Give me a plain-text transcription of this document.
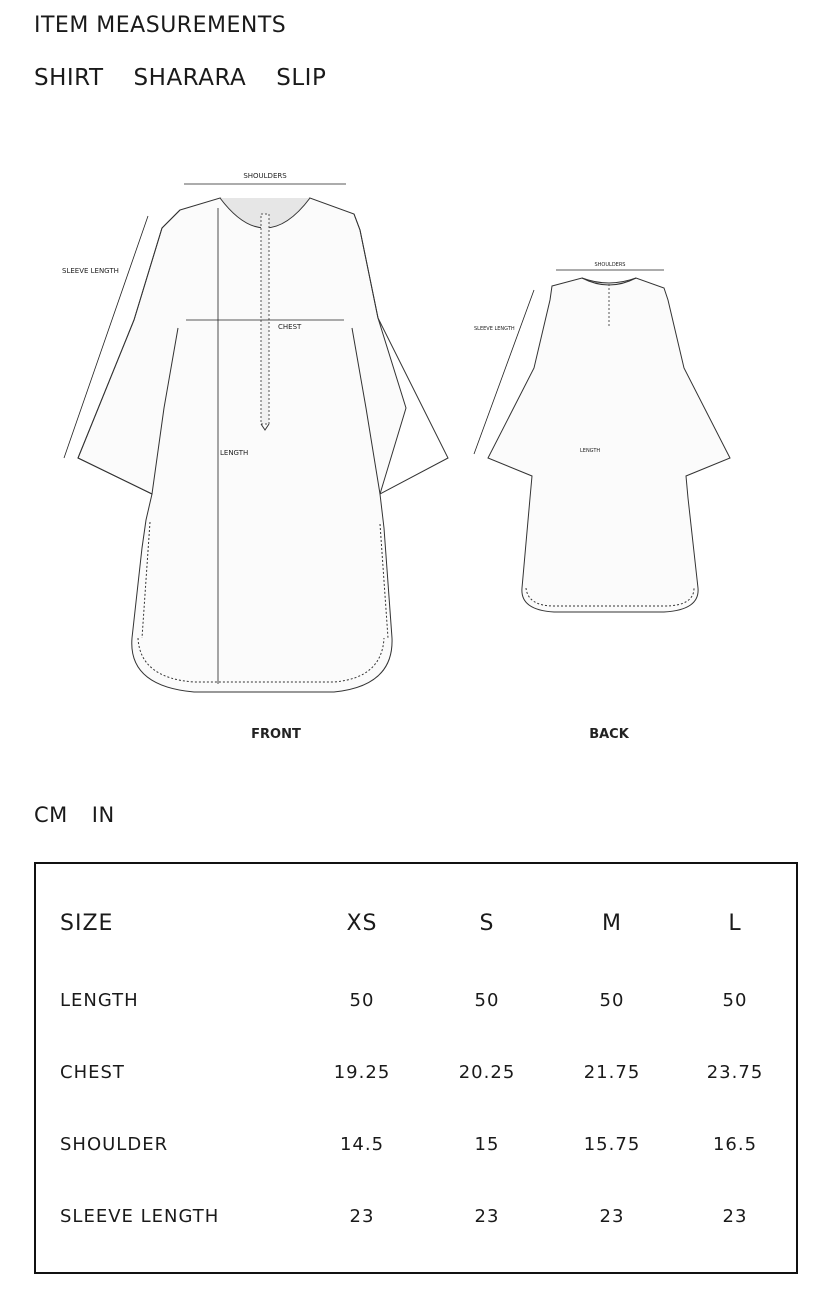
ITEM MEASUREMENTS
SHIRT SHARARA SLIP
SHOULDERS
SLEEVE LENGTH
CHEST
LENGTH
SHOULDERS
SLEEVE LENGTH
LENGTH
FRONT	BACK
CM IN
SIZE	XS	S	M	L
LENGTH	50	50	50	50
CHEST	19.25	20.25	21.75	23.75
SHOULDER	14.5	15	15.75	16.5
SLEEVE LENGTH	23	23	23	23
